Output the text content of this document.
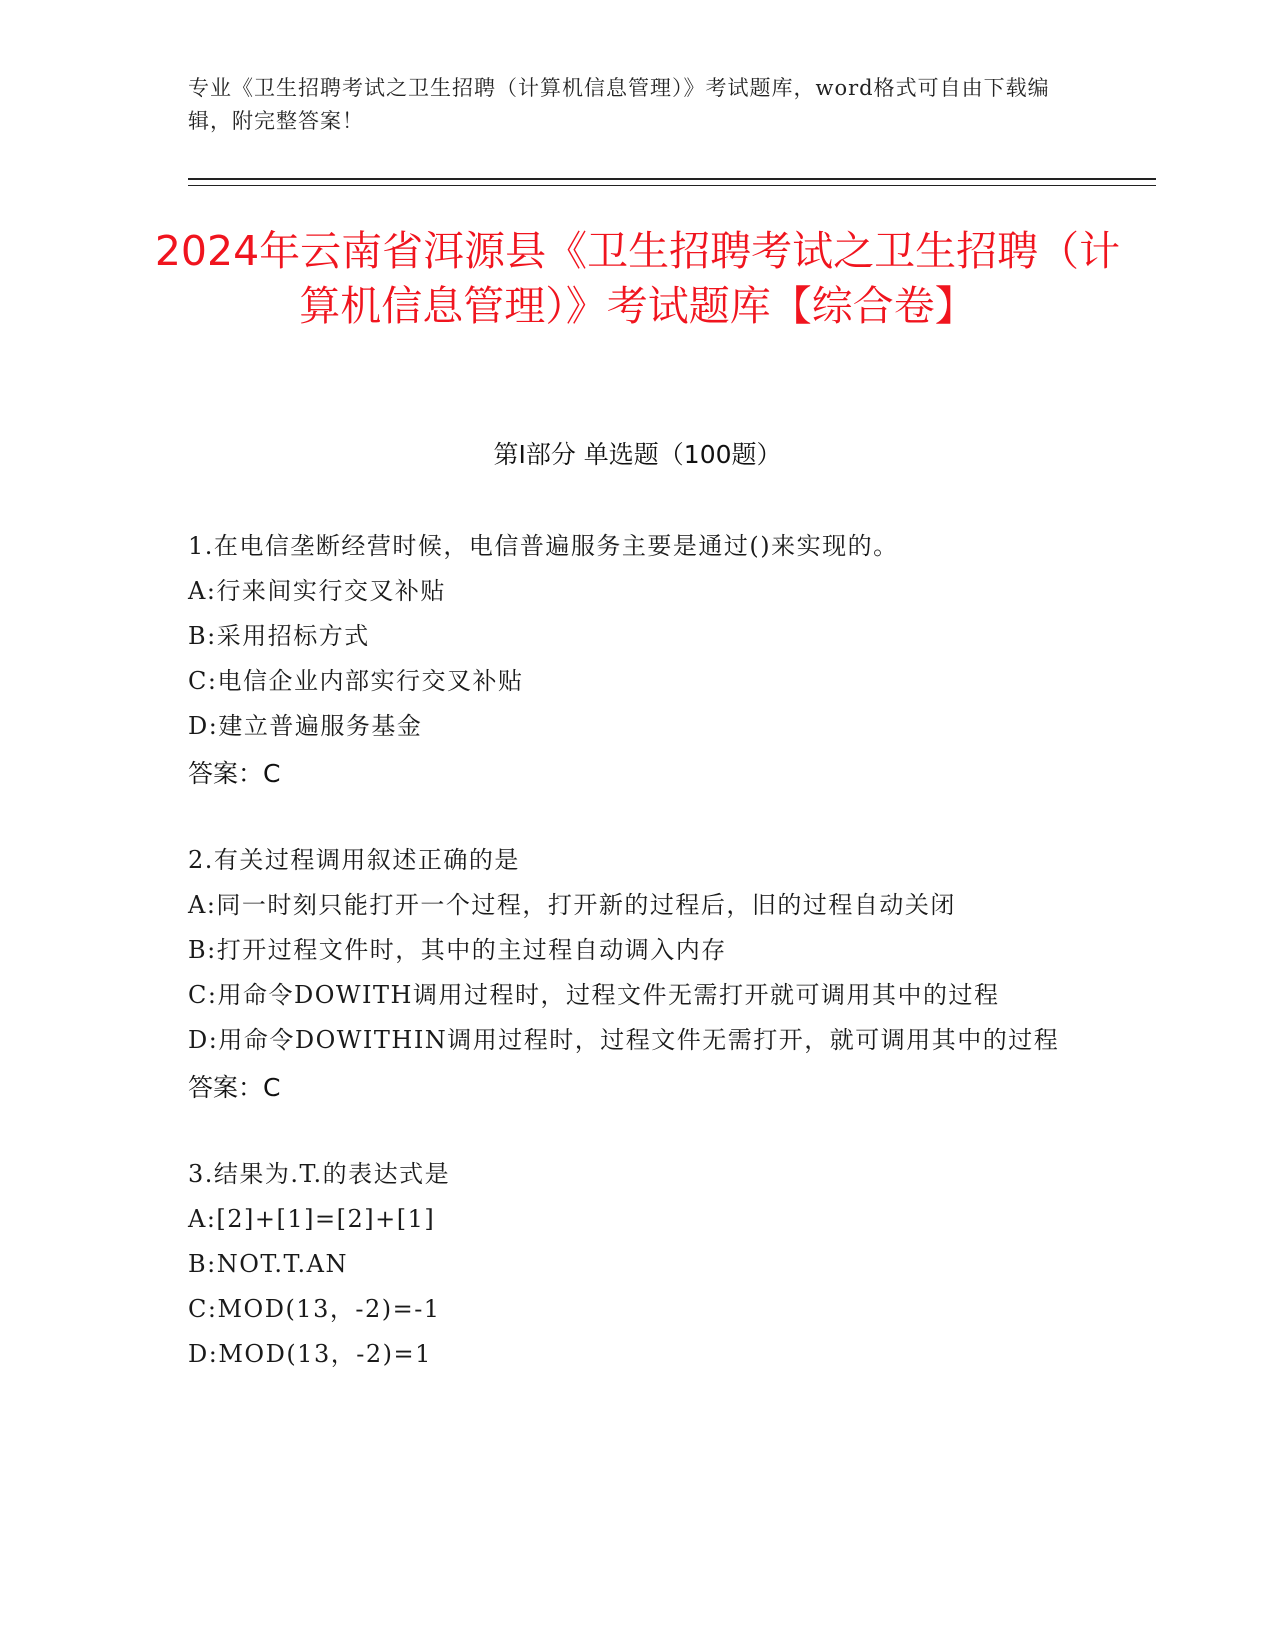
专业《卫生招聘考试之卫生招聘（计算机信息管理）》考试题库，word格式可自由下载编辑，附完整答案！
2024年云南省洱源县《卫生招聘考试之卫生招聘（计算机信息管理）》考试题库【综合卷】
第I部分 单选题（100题）
1.在电信垄断经营时候，电信普遍服务主要是通过()来实现的。
A: 行来间实行交叉补贴
B: 采用招标方式
C: 电信企业内部实行交叉补贴
D: 建立普遍服务基金
答案：C
2.有关过程调用叙述正确的是
A: 同一时刻只能打开一个过程，打开新的过程后，旧的过程自动关闭
B: 打开过程文件时，其中的主过程自动调入内存
C: 用命令DOWITH调用过程时，过程文件无需打开就可调用其中的过程
D: 用命令DOWITHIN调用过程时，过程文件无需打开，就可调用其中的过程
答案：C
3.结果为.T.的表达式是
A: [2]+[1]=[2]+[1]
B: NOT.T.AN
C: MOD(13，-2)=-1
D: MOD(13，-2)=1
